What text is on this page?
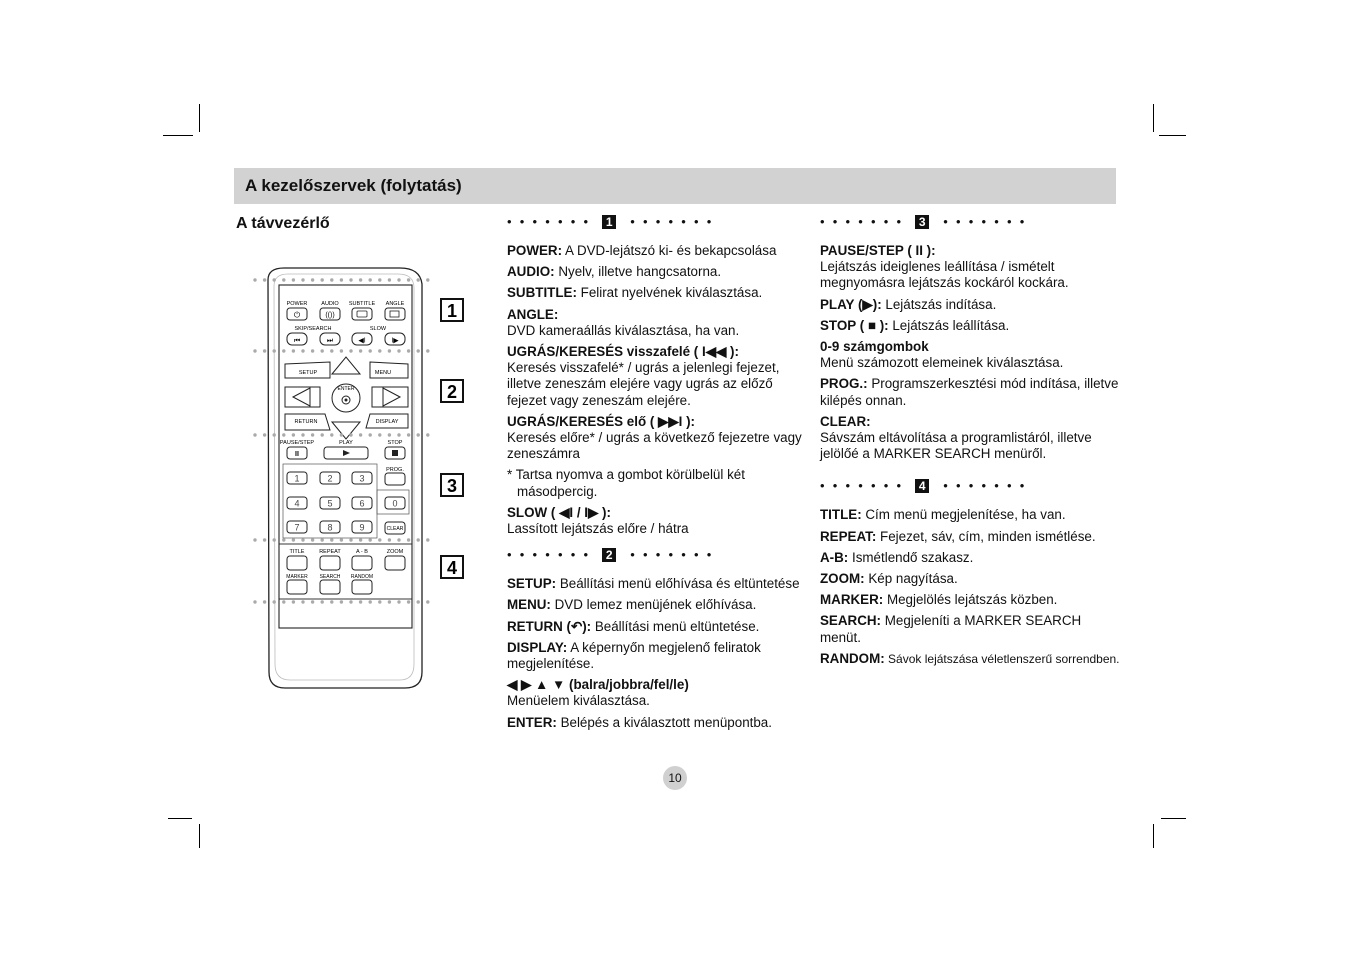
A kezelőszervek (folytatás)
A távvezérlő
POWER	AUDIO SUBTITLE ANGLE
⏻	(())
SKIP/SEARCH	SLOW
⏮	⏭	◀I	I▶
SETUP	MENU
ENTER
RETURN	DISPLAY
PAUSE/STEP	PLAY	STOP
II
PROG.
CLEAR
1	2	3
4	5	6	0
7	8	9
TITLE	REPEAT	A - B	ZOOM
MARKER SEARCH RANDOM
1
2
3
4
••••••• 1 •••••••
POWER: A DVD-lejátszó ki- és bekapcsolása
AUDIO: Nyelv, illetve hangcsatorna.
SUBTITLE: Felirat nyelvének kiválasztása.
ANGLE:
DVD kameraállás kiválasztása, ha van.
UGRÁS/KERESÉS visszafelé ( I◀◀ ):
Keresés visszafelé* / ugrás a jelenlegi fejezet, illetve zeneszám elejére vagy ugrás az előző fejezet vagy zeneszám elejére.
UGRÁS/KERESÉS elő ( ▶▶I ):
Keresés előre* / ugrás a következő fejezetre vagy zeneszámra
* Tartsa nyomva a gombot körülbelül két másodpercig.
SLOW ( ◀I / I▶ ):
Lassított lejátszás előre / hátra
••••••• 2 •••••••
SETUP: Beállítási menü előhívása és eltüntetése
MENU: DVD lemez menüjének előhívása.
RETURN (↶): Beállítási menü eltüntetése.
DISPLAY: A képernyőn megjelenő feliratok megjelenítése.
◀ ▶ ▲ ▼ (balra/jobbra/fel/le)
Menüelem kiválasztása.
ENTER: Belépés a kiválasztott menüpontba.
••••••• 3 •••••••
PAUSE/STEP ( II ):
Lejátszás ideiglenes leállítása / ismételt megnyomásra lejátszás kockáról kockára.
PLAY (▶): Lejátszás indítása.
STOP ( ■ ): Lejátszás leállítása.
0-9 számgombok
Menü számozott elemeinek kiválasztása.
PROG.: Programszerkesztési mód indítása, illetve kilépés onnan.
CLEAR:
Sávszám eltávolítása a programlistáról, illetve jelölőé a MARKER SEARCH menüről.
••••••• 4 •••••••
TITLE: Cím menü megjelenítése, ha van.
REPEAT: Fejezet, sáv, cím, minden ismétlése.
A-B: Ismétlendő szakasz.
ZOOM: Kép nagyítása.
MARKER: Megjelölés lejátszás közben.
SEARCH: Megjeleníti a MARKER SEARCH menüt.
RANDOM: Sávok lejátszása véletlenszerű sorrendben.
10
